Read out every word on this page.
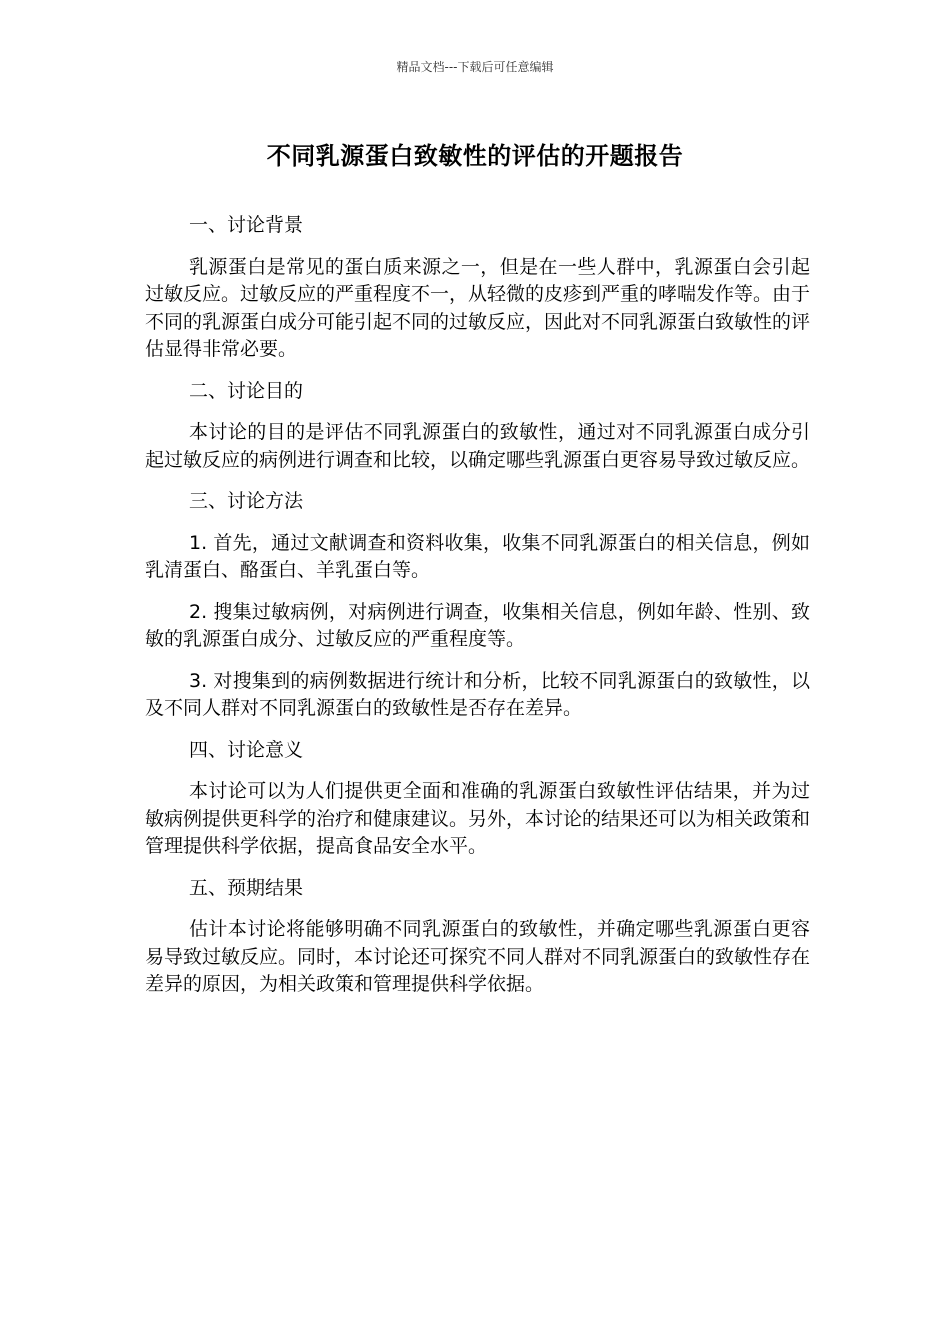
精品文档---下载后可任意编辑
不同乳源蛋白致敏性的评估的开题报告

一、讨论背景

乳源蛋白是常见的蛋白质来源之一，但是在一些人群中，乳源蛋白会引起过敏反应。过敏反应的严重程度不一，从轻微的皮疹到严重的哮喘发作等。由于不同的乳源蛋白成分可能引起不同的过敏反应，因此对不同乳源蛋白致敏性的评估显得非常必要。

二、讨论目的

本讨论的目的是评估不同乳源蛋白的致敏性，通过对不同乳源蛋白成分引起过敏反应的病例进行调查和比较，以确定哪些乳源蛋白更容易导致过敏反应。

三、讨论方法

1. 首先，通过文献调查和资料收集，收集不同乳源蛋白的相关信息，例如乳清蛋白、酪蛋白、羊乳蛋白等。

2. 搜集过敏病例，对病例进行调查，收集相关信息，例如年龄、性别、致敏的乳源蛋白成分、过敏反应的严重程度等。

3. 对搜集到的病例数据进行统计和分析，比较不同乳源蛋白的致敏性，以及不同人群对不同乳源蛋白的致敏性是否存在差异。

四、讨论意义

本讨论可以为人们提供更全面和准确的乳源蛋白致敏性评估结果，并为过敏病例提供更科学的治疗和健康建议。另外，本讨论的结果还可以为相关政策和管理提供科学依据，提高食品安全水平。

五、预期结果

估计本讨论将能够明确不同乳源蛋白的致敏性，并确定哪些乳源蛋白更容易导致过敏反应。同时，本讨论还可探究不同人群对不同乳源蛋白的致敏性存在差异的原因，为相关政策和管理提供科学依据。
